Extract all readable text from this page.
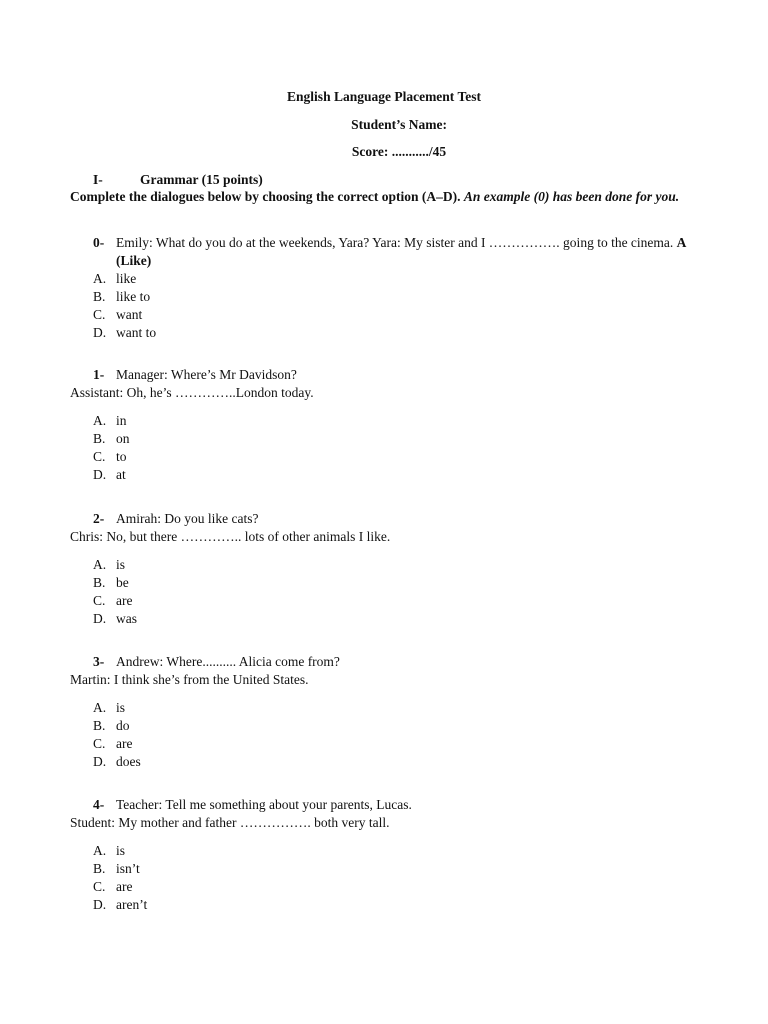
English Language Placement Test
Student’s Name:
Score: .........../45
I-	Grammar (15 points)
Complete the dialogues below by choosing the correct option (A–D). An example (0) has been done for you.
0- Emily: What do you do at the weekends, Yara? Yara: My sister and I ……………. going to the cinema. A (Like)
A. like
B. like to
C. want
D. want to
1- Manager: Where’s Mr Davidson?
Assistant: Oh, he’s …………..London today.
A. in
B. on
C. to
D. at
2- Amirah: Do you like cats?
Chris: No, but there ………….. lots of other animals I like.
A. is
B. be
C. are
D. was
3- Andrew: Where.......... Alicia come from?
Martin: I think she’s from the United States.
A. is
B. do
C. are
D. does
4- Teacher: Tell me something about your parents, Lucas.
Student: My mother and father ……………. both very tall.
A. is
B. isn’t
C. are
D. aren’t
